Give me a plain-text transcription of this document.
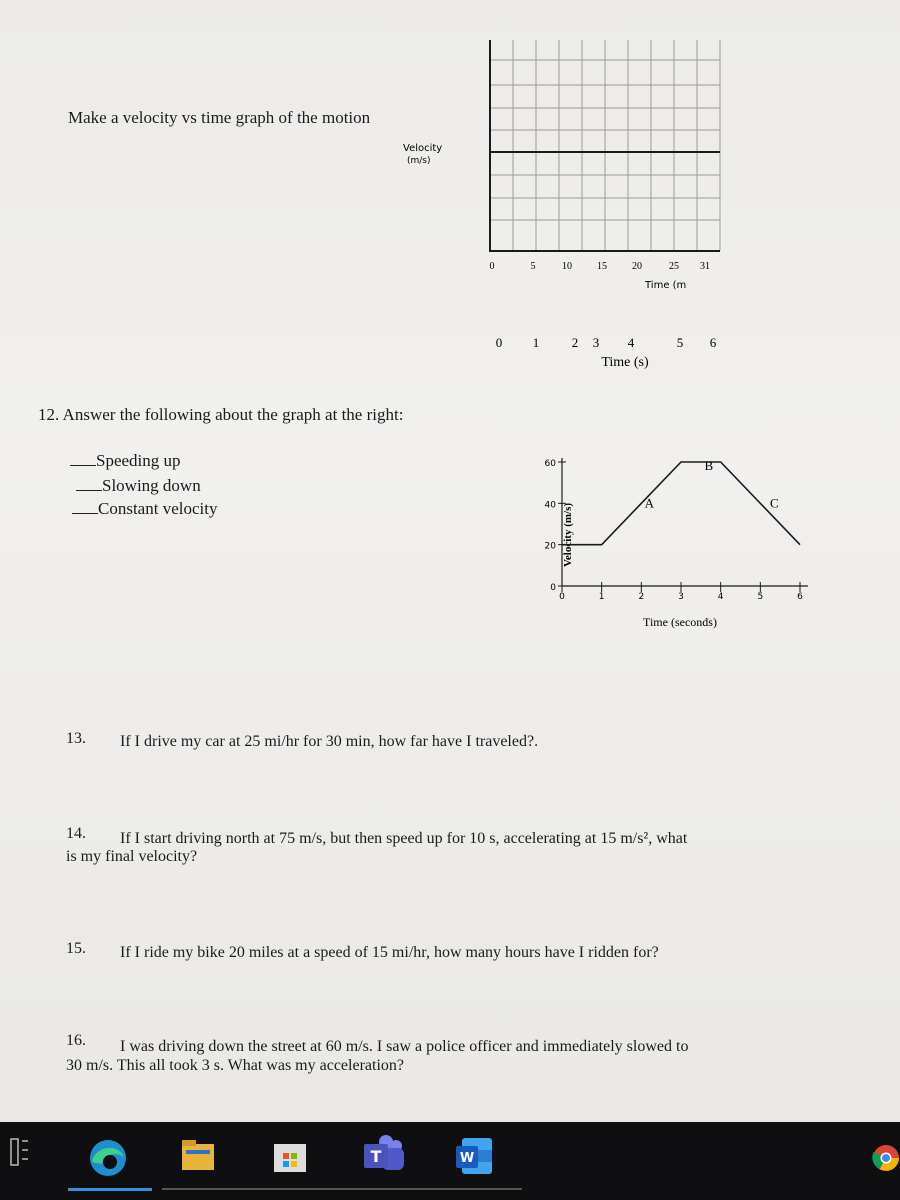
Make a velocity vs time graph of the motion
Velocity
(m/s)
0	5	10	15	20	25 31
Time (m
0 1	2 3 4	5 6
Time (s)
12. Answer the following about the graph at the right:
Speeding up
Slowing down
Constant velocity	Velocity (m/s)
Time (seconds)
0
20
40
60
0	1	2	3	4	5	6
A
B
C
13. If I drive my car at 25 mi/hr for 30 min, how far have I traveled?.
14. If I start driving north at 75 m/s, but then speed up for 10 s, accelerating at 15 m/s², what
is my final velocity?
15. If I ride my bike 20 miles at a speed of 15 mi/hr, how many hours have I ridden for?
16. I was driving down the street at 60 m/s. I saw a police officer and immediately slowed to
30 m/s. This all took 3 s. What was my acceleration?
T	W
